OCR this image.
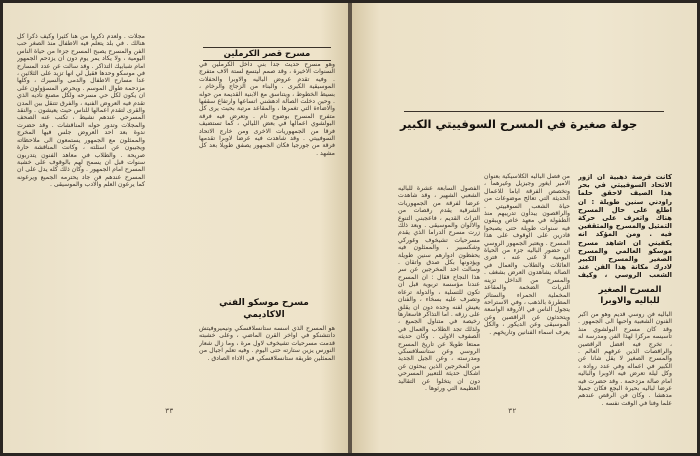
مجلات . ولعدم ذكروا من هنا كثيرا وكيف ذكرا كل هنالك . في بلد يتعلم فيه الاطفال منذ الصغر حب الفن والمسرح يصبح المسرح جزءا من حياة الناس اليومية ، ولا يكاد يمر يوم دون ان يزدحم الجمهور امام شبابيك التذاكر . وقد سالت عن عدد المسارح في موسكو وحدها فقيل لي انها تزيد على الثلاثين ، عدا مسارح الاطفال والدمى والسيرك ، وكلها مزدحمة طوال الموسم . ويحرص المسؤولون على ان يكون لكل حي مسرحه ولكل مصنع ناديه الذي تقدم فيه العروض الفنية ، والفرق تتنقل بين المدن والقرى لتقدم اعمالها للناس حيث يعيشون . والنقد المسرحي عندهم نشيط ، تكتب عنه الصحف والمجلات وتدور حوله المناقشات . وقد حضرت ندوة بعد احد العروض جلس فيها المخرج والممثلون مع الجمهور يستمعون الى ملاحظاته ويجيبون عن اسئلته ، وكانت المناقشة حارة صريحة . والطلاب في معاهد الفنون يتدربون سنوات قبل ان يسمح لهم بالوقوف على خشبة المسرح امام الجمهور . وكان ذلك كله يدل على ان المسرح عندهم فن جاد يحترمه الجميع ويرعونه كما يرعون العلم والادب والموسيقى .

مسرح قصر الكرملين

وهو مسرح حديث جدا بني داخل الكرملين في السنوات الاخيرة ، وقد صمم ليتسع لستة الاف متفرج . وفيه تقدم عروض الباليه والاوبرا والحفلات الموسيقية الكبرى . والبناء من الزجاج والرخام ، بسيط الخطوط ، ويتناسق مع الابنية القديمة من حوله . وحين دخلت الصالة ادهشني اتساعها وارتفاع سقفها والاضاءة التي تغمرها ، والمقاعد مرتبة بحيث يرى كل متفرج المسرح بوضوح تام . وتعرض فيه فرقة البولشوي اعمالها في بعض الليالي ، كما تستضيف فرقا من الجمهوريات الاخرى ومن خارج الاتحاد السوفييتي . وقد شاهدت فيه عرضا لاوبرا تقدمها فرقة من جورجيا فكان الجمهور يصفق طويلا بعد كل مشهد .

مسرح موسكو الفني الاكاديمي

هو المسرح الذي اسسه ستانسلافسكي ونيميروفيتش دانتشنكو في اواخر القرن الماضي ، وعلى خشبته قدمت مسرحيات تشيخوف لاول مرة ، وما زال شعار النورس يزين ستارته حتى اليوم . وفيه تعلم اجيال من الممثلين طريقة ستانسلافسكي في الاداء الصادق .

٣٣
جولة صغيرة في المسرح السوفييتي الكبير

الفصول السابعة عشرة للباليه الشعبي الشهير ، وقد شاهدت عرضا لفرقة من الجمهوريات الشرقية يقدم رقصات من التراث القديم ، فاعجبني التنوع والالوان والموسيقى . وبعد ذلك زرت مسرح الدراما الذي يقدم مسرحيات تشيخوف وغوركي وشكسبير ، والممثلون فيه يحفظون ادوارهم سنين طويلة ويؤدونها بكل صدق واتقان . وسالت احد المخرجين عن سر هذا النجاح فقال : ان المسرح عندنا مؤسسة تربوية قبل ان تكون للتسلية ، والدولة ترعاه وتصرف عليه بسخاء ، والفنان يعيش لفنه وحده دون ان يقلق على رزقه . اما التذاكر فاسعارها رخيصة في متناول الجميع ، ولذلك تجد الطلاب والعمال في الصفوف الاولى . وكان حديثه ممتعا طويلا عن تاريخ المسرح الروسي وعن ستانسلافسكي ومدرسته ، وعن الجيل الجديد من المخرجين الذين يبحثون عن اشكال حديثة للتعبير المسرحي دون ان يتخلوا عن التقاليد العظيمة التي ورثوها .

من فصل الباليه الكلاسيكية بعنوان الامير ايغور وجيزيل وغيرهما ، وتخصص الفرقة اياما للاعمال الحديثة التي تعالج موضوعات من حياة الشعب السوفييتي . والراقصون يبدأون تدريبهم منذ الطفولة في معهد خاص ويبقون فيه سنوات طويلة حتى يصبحوا قادرين على الوقوف على هذا المسرح . ويعتبر الجمهور الروسي ان حضور الباليه جزء من الحياة اليومية لا غنى عنه ، فترى العائلات والطلاب والعمال في الصالة يشاهدون العرض بشغف . والمسرح من الداخل تزينه الثريات الضخمة والمقاعد المخملية الحمراء والستائر المطرزة بالذهب ، وفي الاستراحة يتجول الناس في الاروقة الواسعة ويتحدثون عن الراقصين وعن الموسيقى وعن الديكور ، والكل يعرف اسماء الفنانين وتاريخهم .

كانت فرصة ذهبية ان ازور الاتحاد السوفييتي في بحر هذا الصيف لاحقق حلما راودني سنين طويلة : ان اطلع على حال المسرح هناك واتعرف على حركة التمثيل والمسرح والمثقفين فيه . ومن المؤكد انه يكفيني ان اشاهد مسرح موسكو العالمي والمسرح الصغير والمسرح الكبير لادرك مكانة هذا الفن عند الشعب الروسي ، وكيف

المسرح الصغير للباليه والاوبرا

الباليه فن روسي قديم وهو من اكبر الفنون الشعبية واحبها الى الجمهور . وقد كان مسرح البولشوي منذ تاسيسه مركزا لهذا الفن ومدرسة له ، تخرج فيه افضل الراقصين والراقصات الذين عرفهم العالم . والمسرح الصغير لا يقل شانا عن الكبير في اعماله وفي عدد رواده ، وكل ليلة تعرض فيه الاوبرا والباليه امام صالة مزدحمة . وقد حضرت فيه عرضا لباليه بحيرة البجع فكان جميلا مدهشا . وكان فن الرقص عندهم علما وفنا في الوقت نفسه .

٣٢
